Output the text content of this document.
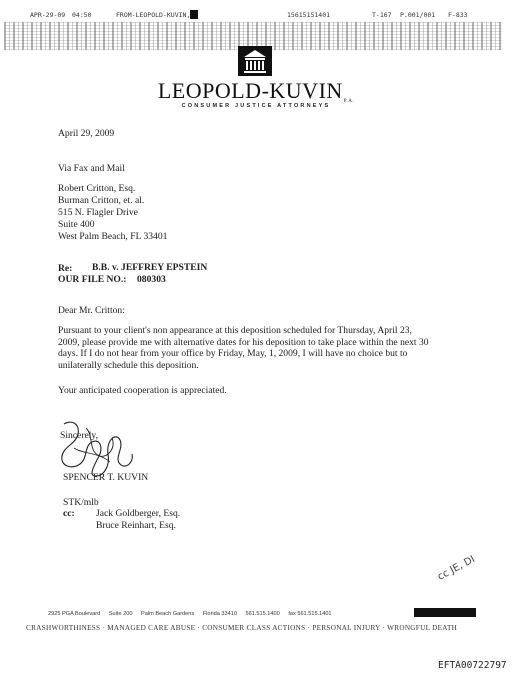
APR-29-09 04:50	FROM-LEOPOLD-KUVIN,	15615151401	T-167 P.001/001 F-833
LEOPOLD-KUVINP.A.
CONSUMER JUSTICE ATTORNEYS
April 29, 2009
Via Fax and Mail
Robert Critton, Esq.
Burman Critton, et. al.
515 N. Flagler Drive
Suite 400
West Palm Beach, FL 33401
Re: B.B. v. JEFFREY EPSTEIN
OUR FILE NO.: 080303
Dear Mr. Critton:
Pursuant to your client's non appearance at this deposition scheduled for Thursday, April 23,
2009, please provide me with alternative dates for his deposition to take place within the next 30
days. If I do not hear from your office by Friday, May, 1, 2009, I will have no choice but to
unilaterally schedule this deposition.
Your anticipated cooperation is appreciated.
Sincerely,
SPENCER T. KUVIN
STK/mlb
cc: Jack Goldberger, Esq.
Bruce Reinhart, Esq.
cc JE, DI
2925 PGA Boulevard Suite 200 Palm Beach Gardens Florida 33410 561.515.1400 fax 561.515.1401
CRASHWORTHINESS · MANAGED CARE ABUSE · CONSUMER CLASS ACTIONS · PERSONAL INJURY · WRONGFUL DEATH
EFTA00722797
